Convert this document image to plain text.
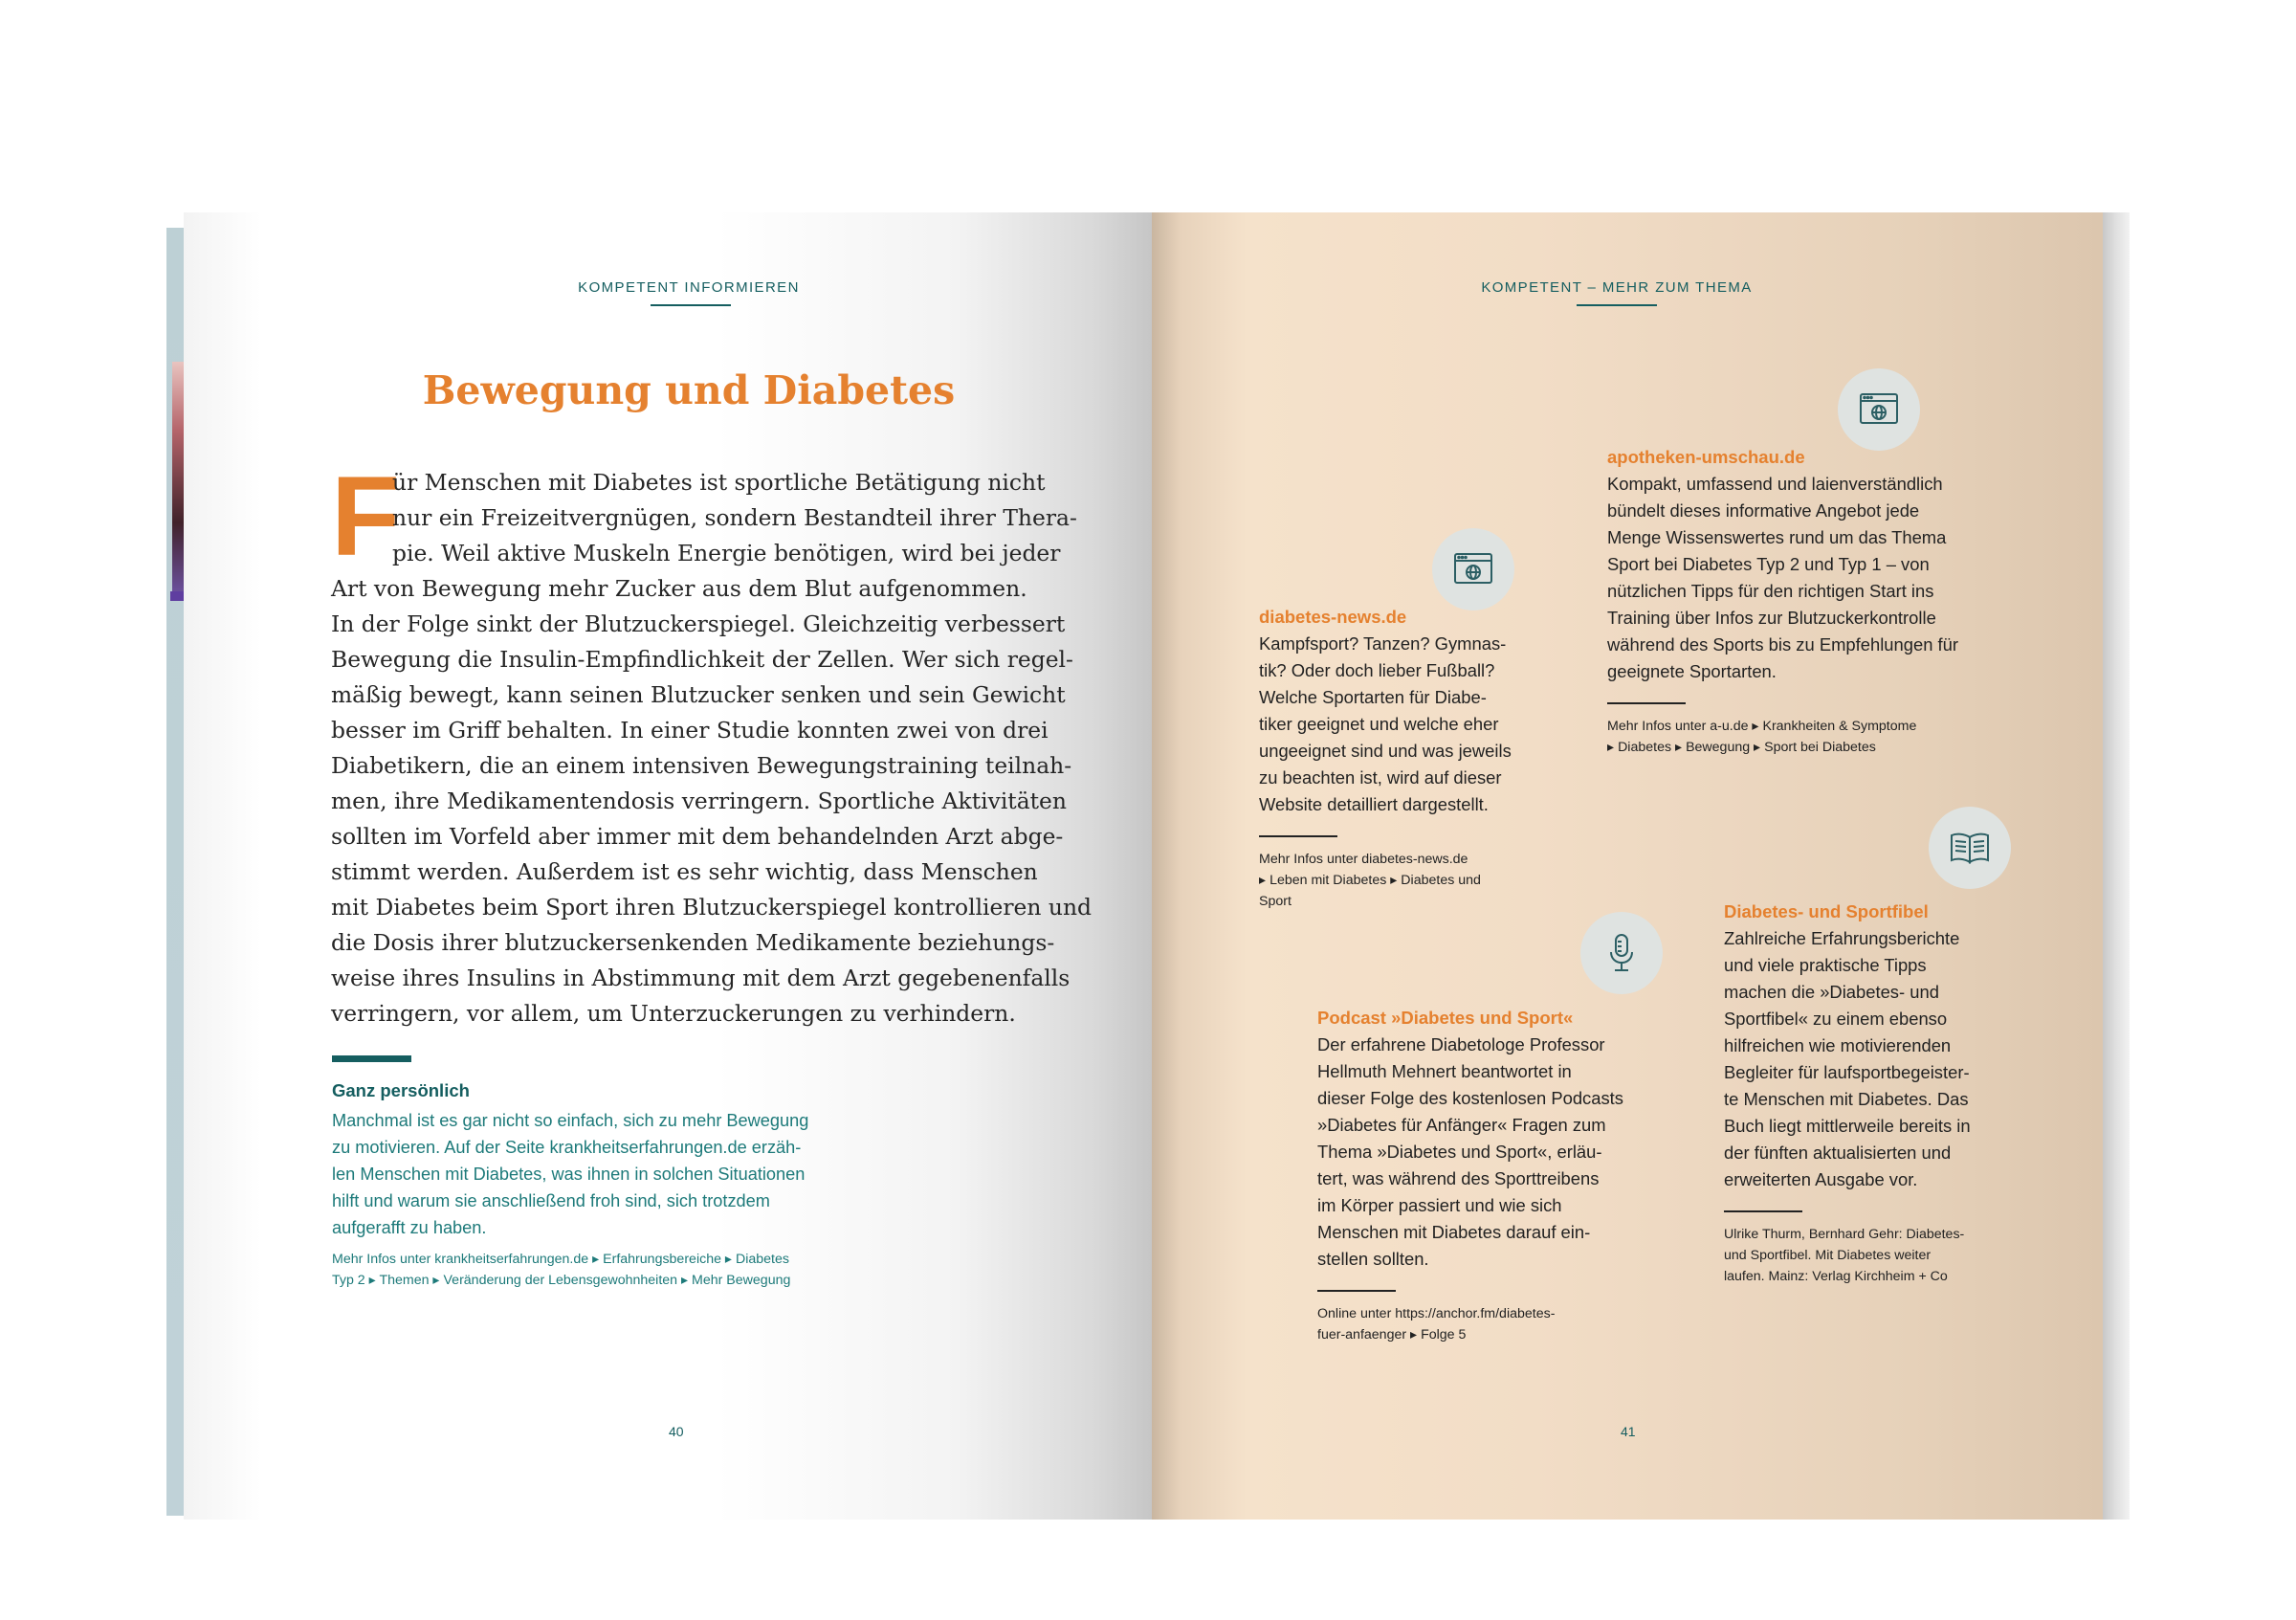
KOMPETENT INFORMIEREN
Bewegung und Diabetes
F
ür Menschen mit Diabetes ist sportliche Betätigung nicht
nur ein Freizeitvergnügen, sondern Bestandteil ihrer Thera-
pie. Weil aktive Muskeln Energie benötigen, wird bei jeder
Art von Bewegung mehr Zucker aus dem Blut aufgenommen.
In der Folge sinkt der Blutzuckerspiegel. Gleichzeitig verbessert
Bewegung die Insulin-Empfindlichkeit der Zellen. Wer sich regel-
mäßig bewegt, kann seinen Blutzucker senken und sein Gewicht
besser im Griff behalten. In einer Studie konnten zwei von drei
Diabetikern, die an einem intensiven Bewegungstraining teilnah-
men, ihre Medikamentendosis verringern. Sportliche Aktivitäten
sollten im Vorfeld aber immer mit dem behandelnden Arzt abge-
stimmt werden. Außerdem ist es sehr wichtig, dass Menschen
mit Diabetes beim Sport ihren Blutzuckerspiegel kontrollieren und
die Dosis ihrer blutzuckersenkenden Medikamente beziehungs-
weise ihres Insulins in Abstimmung mit dem Arzt gegebenenfalls
verringern, vor allem, um Unterzuckerungen zu verhindern.
Ganz persönlich
Manchmal ist es gar nicht so einfach, sich zu mehr Bewegung
zu motivieren. Auf der Seite krankheitserfahrungen.de erzäh-
len Menschen mit Diabetes, was ihnen in solchen Situationen
hilft und warum sie anschließend froh sind, sich trotzdem
aufgerafft zu haben.
Mehr Infos unter krankheitserfahrungen.de ▸ Erfahrungsbereiche ▸ Diabetes
Typ 2 ▸ Themen ▸ Veränderung der Lebensgewohnheiten ▸ Mehr Bewegung
40
KOMPETENT – MEHR ZUM THEMA
apotheken-umschau.de
Kompakt, umfassend und laienverständlich
bündelt dieses informative Angebot jede
Menge Wissenswertes rund um das Thema
Sport bei Diabetes Typ 2 und Typ 1 – von
nützlichen Tipps für den richtigen Start ins
Training über Infos zur Blutzuckerkontrolle
während des Sports bis zu Empfehlungen für
geeignete Sportarten.
Mehr Infos unter a-u.de ▸ Krankheiten & Symptome
▸ Diabetes ▸ Bewegung ▸ Sport bei Diabetes
diabetes-news.de
Kampfsport? Tanzen? Gymnas-
tik? Oder doch lieber Fußball?
Welche Sportarten für Diabe-
tiker geeignet und welche eher
ungeeignet sind und was jeweils
zu beachten ist, wird auf dieser
Website detailliert dargestellt.
Mehr Infos unter diabetes-news.de
▸ Leben mit Diabetes ▸ Diabetes und
Sport	Diabetes- und Sportfibel
Zahlreiche Erfahrungsberichte
und viele praktische Tipps
machen die »Diabetes- und
Sportfibel« zu einem ebenso
hilfreichen wie motivierenden
Begleiter für laufsportbegeister-
te Menschen mit Diabetes. Das
Buch liegt mittlerweile bereits in
der fünften aktualisierten und
erweiterten Ausgabe vor.
Ulrike Thurm, Bernhard Gehr: Diabetes-
und Sportfibel. Mit Diabetes weiter
laufen. Mainz: Verlag Kirchheim + Co
Podcast »Diabetes und Sport«
Der erfahrene Diabetologe Professor
Hellmuth Mehnert beantwortet in
dieser Folge des kostenlosen Podcasts
»Diabetes für Anfänger« Fragen zum
Thema »Diabetes und Sport«, erläu-
tert, was während des Sporttreibens
im Körper passiert und wie sich
Menschen mit Diabetes darauf ein-
stellen sollten.
Online unter https://anchor.fm/diabetes-
fuer-anfaenger ▸ Folge 5
41
